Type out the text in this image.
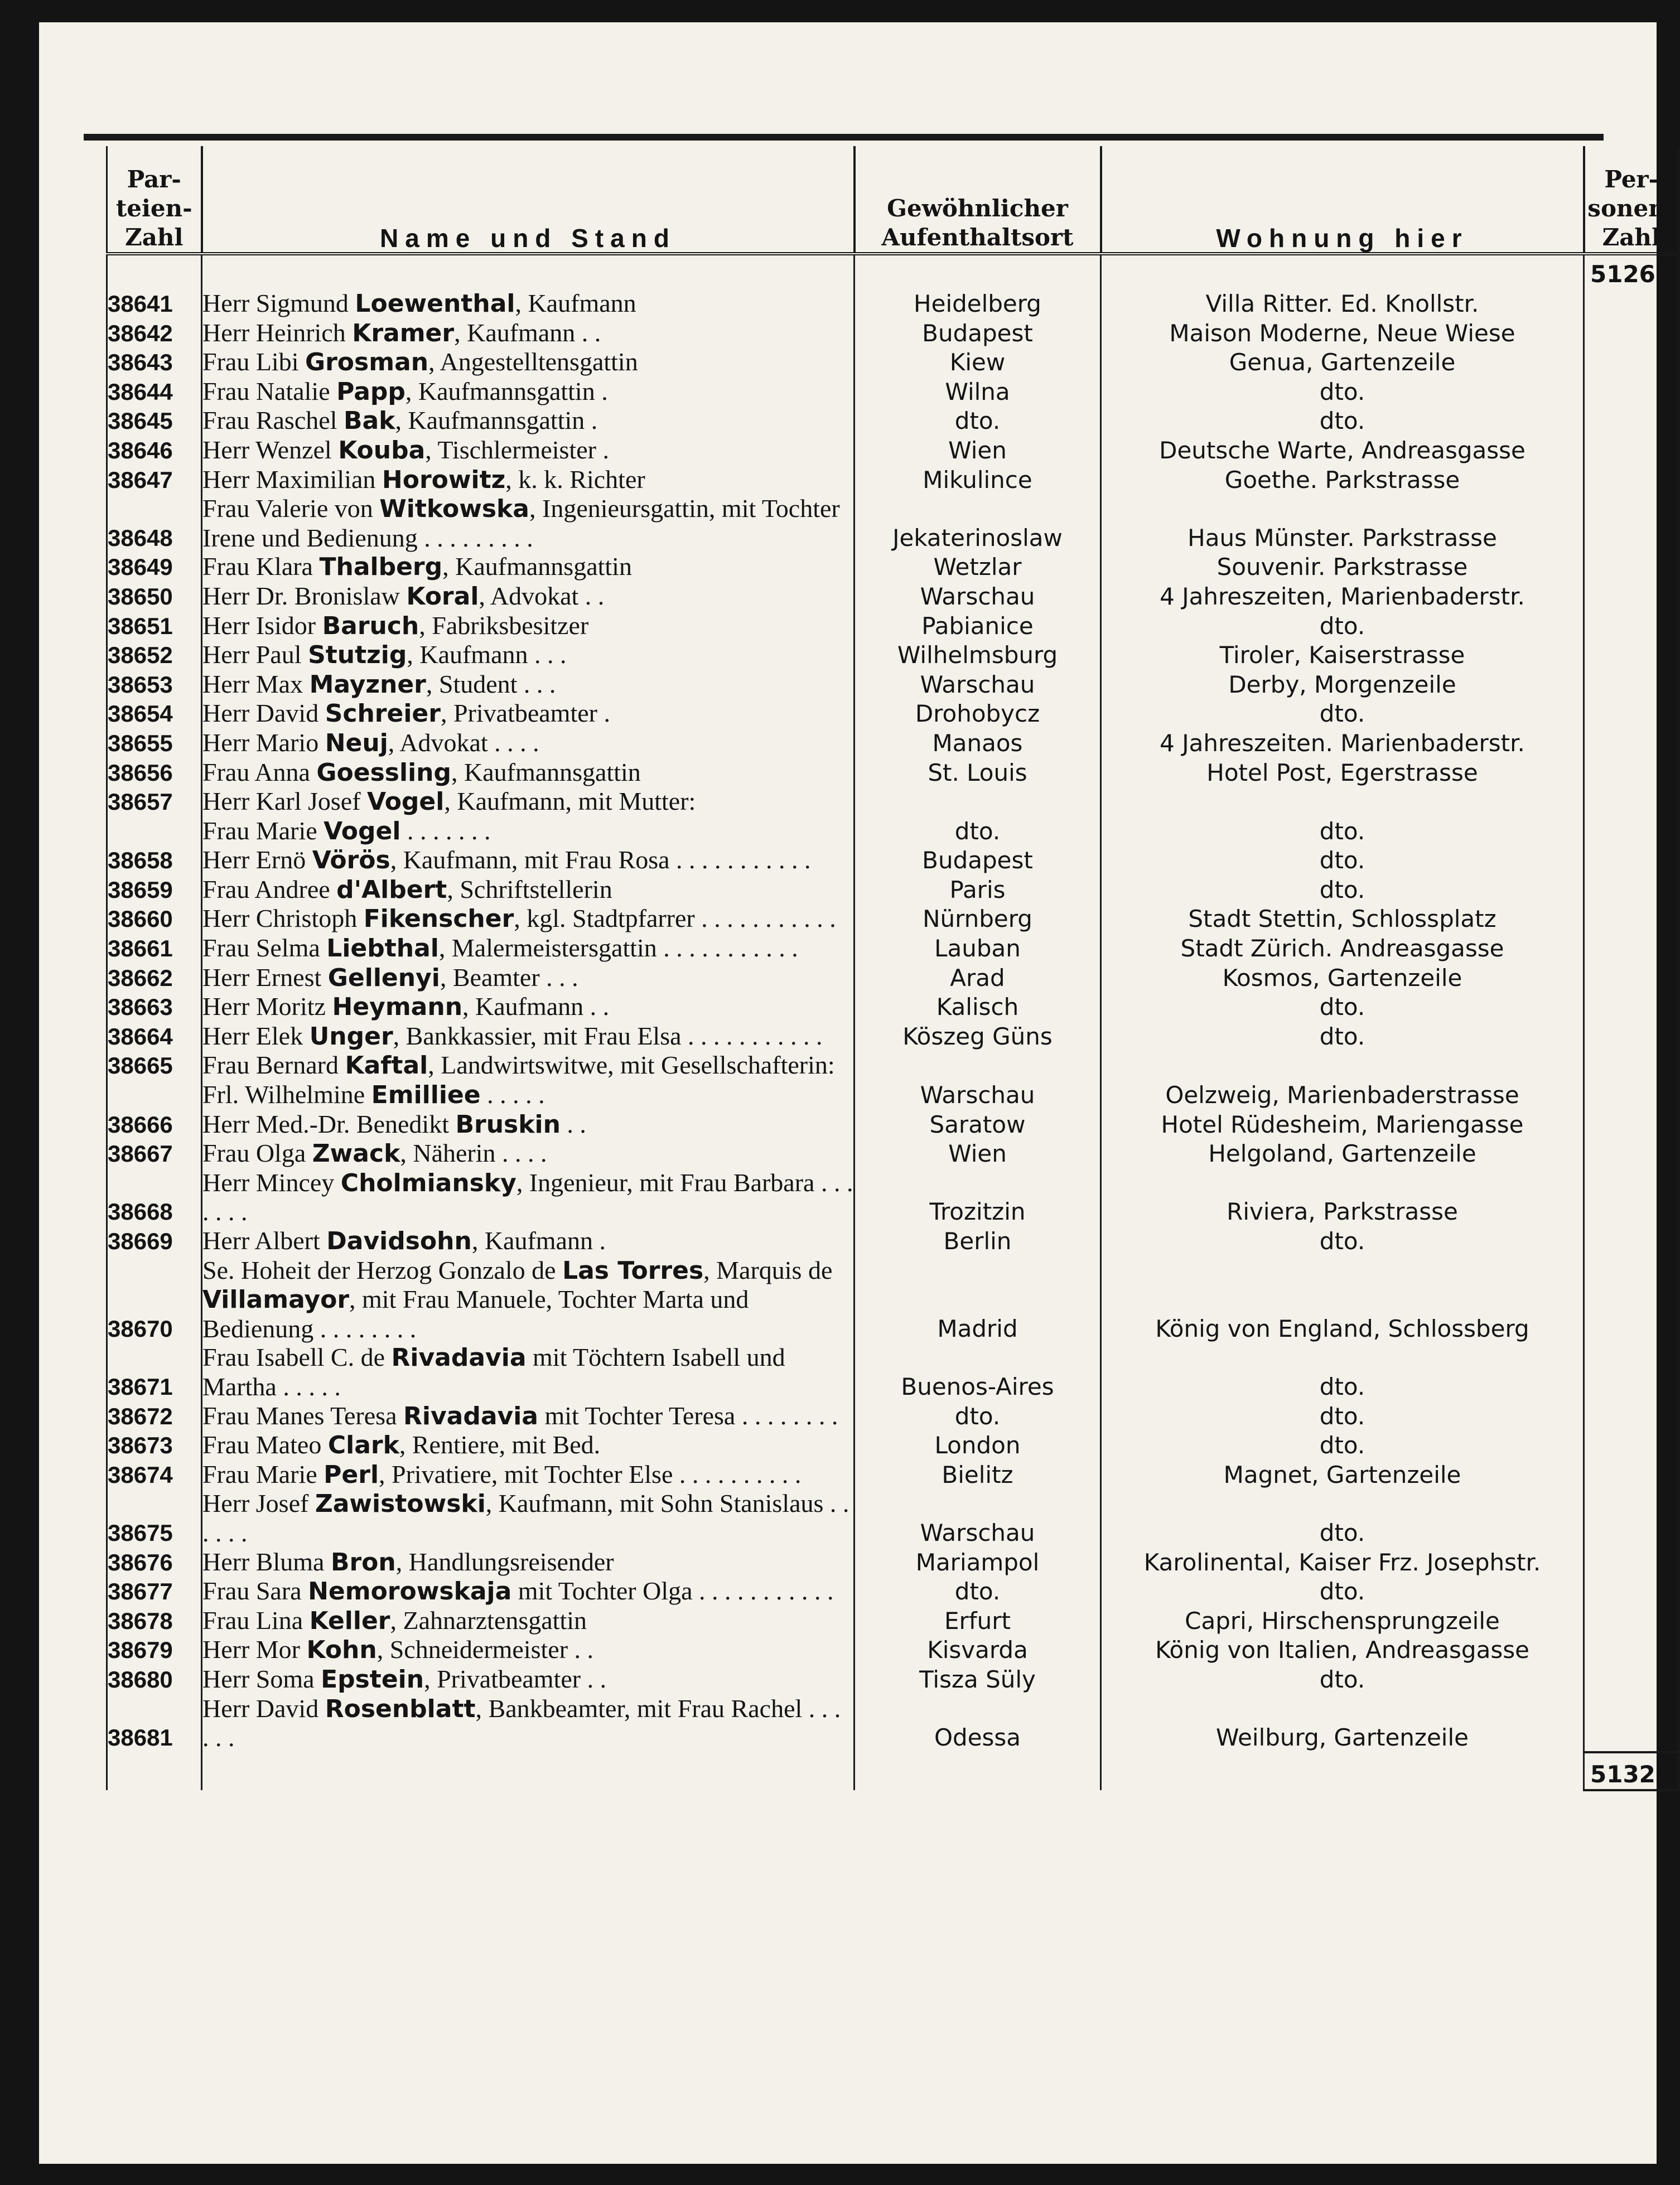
Par- teien- Zahl	Name und Stand	Gewöhnlicher Aufenthaltsort	Wohnung hier	Per- sonen- Zahl
				51261
38641	Herr Sigmund Loewenthal, Kaufmann	Heidelberg	Villa Ritter. Ed. Knollstr.	1
38642	Herr Heinrich Kramer, Kaufmann . .	Budapest	Maison Moderne, Neue Wiese	1
38643	Frau Libi Grosman, Angestelltensgattin	Kiew	Genua, Gartenzeile	1
38644	Frau Natalie Papp, Kaufmannsgattin .	Wilna	dto.	1
38645	Frau Raschel Bak, Kaufmannsgattin .	dto.	dto.	1
38646	Herr Wenzel Kouba, Tischlermeister .	Wien	Deutsche Warte, Andreasgasse	1
38647	Herr Maximilian Horowitz, k. k. Richter	Mikulince	Goethe. Parkstrasse	1
38648	Frau Valerie von Witkowska, Ingenieursgattin, mit Tochter Irene und Bedienung . . . . . . . . .	Jekaterinoslaw	Haus Münster. Parkstrasse	3
38649	Frau Klara Thalberg, Kaufmannsgattin	Wetzlar	Souvenir. Parkstrasse	1
38650	Herr Dr. Bronislaw Koral, Advokat . .	Warschau	4 Jahreszeiten, Marienbaderstr.	1
38651	Herr Isidor Baruch, Fabriksbesitzer	Pabianice	dto.	1
38652	Herr Paul Stutzig, Kaufmann . . .	Wilhelmsburg	Tiroler, Kaiserstrasse	1
38653	Herr Max Mayzner, Student . . .	Warschau	Derby, Morgenzeile	1
38654	Herr David Schreier, Privatbeamter .	Drohobycz	dto.	1
38655	Herr Mario Neuj, Advokat . . . .	Manaos	4 Jahreszeiten. Marienbaderstr.	1
38656	Frau Anna Goessling, Kaufmannsgattin	St. Louis	Hotel Post, Egerstrasse	1
38657	Herr Karl Josef Vogel, Kaufmann, mit Mutter:			
	Frau Marie Vogel . . . . . . .	dto.	dto.	2
38658	Herr Ernö Vörös, Kaufmann, mit Frau Rosa . . . . . . . . . . .	Budapest	dto.	2
38659	Frau Andree d'Albert, Schriftstellerin	Paris	dto.	1
38660	Herr Christoph Fikenscher, kgl. Stadtpfarrer . . . . . . . . . . .	Nürnberg	Stadt Stettin, Schlossplatz	1
38661	Frau Selma Liebthal, Malermeistersgattin . . . . . . . . . . .	Lauban	Stadt Zürich. Andreasgasse	1
38662	Herr Ernest Gellenyi, Beamter . . .	Arad	Kosmos, Gartenzeile	1
38663	Herr Moritz Heymann, Kaufmann . .	Kalisch	dto.	1
38664	Herr Elek Unger, Bankkassier, mit Frau Elsa . . . . . . . . . . .	Köszeg Güns	dto.	2
38665	Frau Bernard Kaftal, Landwirtswitwe, mit Gesellschafterin:			
	Frl. Wilhelmine Emilliee . . . . .	Warschau	Oelzweig, Marienbaderstrasse	2
38666	Herr Med.-Dr. Benedikt Bruskin . .	Saratow	Hotel Rüdesheim, Mariengasse	1
38667	Frau Olga Zwack, Näherin . . . .	Wien	Helgoland, Gartenzeile	1
38668	Herr Mincey Cholmiansky, Ingenieur, mit Frau Barbara . . . . . . .	Trozitzin	Riviera, Parkstrasse	2
38669	Herr Albert Davidsohn, Kaufmann .	Berlin	dto.	1
38670	Se. Hoheit der Herzog Gonzalo de Las Torres, Marquis de Villamayor, mit Frau Manuele, Tochter Marta und Bedienung . . . . . . . .	Madrid	König von England, Schlossberg	4
38671	Frau Isabell C. de Rivadavia mit Töchtern Isabell und Martha . . . . .	Buenos-Aires	dto.	3
38672	Frau Manes Teresa Rivadavia mit Tochter Teresa . . . . . . . .	dto.	dto.	2
38673	Frau Mateo Clark, Rentiere, mit Bed.	London	dto.	2
38674	Frau Marie Perl, Privatiere, mit Tochter Else . . . . . . . . . .	Bielitz	Magnet, Gartenzeile	2
38675	Herr Josef Zawistowski, Kaufmann, mit Sohn Stanislaus . . . . . .	Warschau	dto.	2
38676	Herr Bluma Bron, Handlungsreisender	Mariampol	Karolinental, Kaiser Frz. Josephstr.	1
38677	Frau Sara Nemorowskaja mit Tochter Olga . . . . . . . . . . .	dto.	dto.	2
38678	Frau Lina Keller, Zahnarztensgattin	Erfurt	Capri, Hirschensprungzeile	1
38679	Herr Mor Kohn, Schneidermeister . .	Kisvarda	König von Italien, Andreasgasse	1
38680	Herr Soma Epstein, Privatbeamter . .	Tisza Süly	dto.	1
38681	Herr David Rosenblatt, Bankbeamter, mit Frau Rachel . . . . . .	Odessa	Weilburg, Gartenzeile	2
				51320
